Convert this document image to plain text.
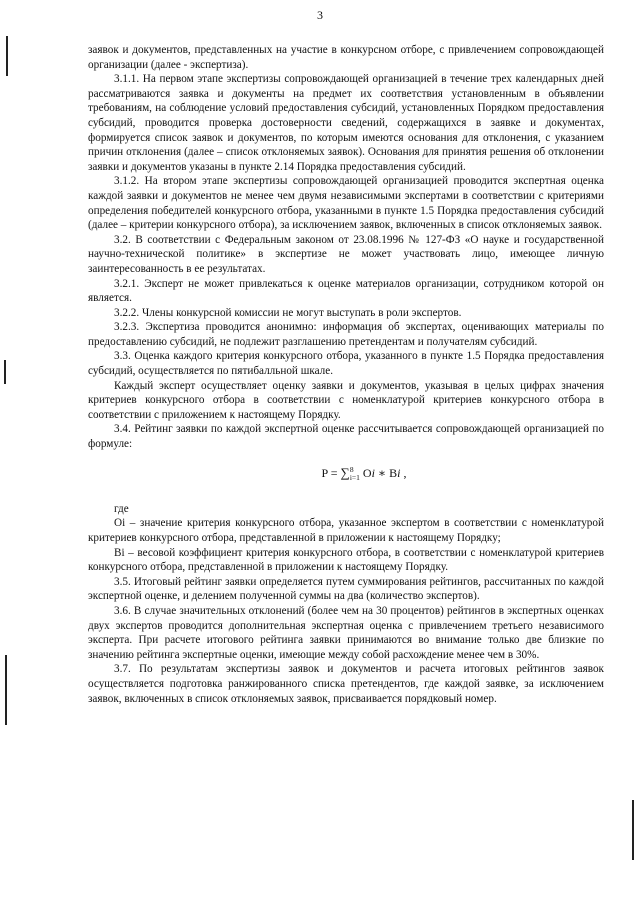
3

заявок и документов, представленных на участие в конкурсном отборе, с привлечением сопровождающей организации (далее - экспертиза).

3.1.1. На первом этапе экспертизы сопровождающей организацией в течение трех календарных дней рассматриваются заявка и документы на предмет их соответствия установленным в объявлении требованиям, на соблюдение условий предоставления субсидий, установленных Порядком предоставления субсидий, проводится проверка достоверности сведений, содержащихся в заявке и документах, формируется список заявок и документов, по которым имеются основания для отклонения, с указанием причин отклонения (далее – список отклоняемых заявок). Основания для принятия решения об отклонении заявки и документов указаны в пункте 2.14 Порядка предоставления субсидий.

3.1.2. На втором этапе экспертизы сопровождающей организацией проводится экспертная оценка каждой заявки и документов не менее чем двумя независимыми экспертами в соответствии с критериями определения победителей конкурсного отбора, указанными в пункте 1.5 Порядка предоставления субсидий (далее – критерии конкурсного отбора), за исключением заявок, включенных в список отклоняемых заявок.

3.2. В соответствии с Федеральным законом от 23.08.1996 № 127-ФЗ «О науке и государственной научно-технической политике» в экспертизе не может участвовать лицо, имеющее личную заинтересованность в ее результатах.

3.2.1. Эксперт не может привлекаться к оценке материалов организации, сотрудником которой он является.

3.2.2. Члены конкурсной комиссии не могут выступать в роли экспертов.

3.2.3. Экспертиза проводится анонимно: информация об экспертах, оценивающих материалы по предоставлению субсидий, не подлежит разглашению претендентам и получателям субсидий.

3.3. Оценка каждого критерия конкурсного отбора, указанного в пункте 1.5 Порядка предоставления субсидий, осуществляется по пятибалльной шкале.

Каждый эксперт осуществляет оценку заявки и документов, указывая в целых цифрах значения критериев конкурсного отбора в соответствии с номенклатурой критериев конкурсного отбора в соответствии с приложением к настоящему Порядку.

3.4. Рейтинг заявки по каждой экспертной оценке рассчитывается сопровождающей организацией по формуле:

P = ∑ 8
i=1 Oi ∗ Bi ,

где

Oi – значение критерия конкурсного отбора, указанное экспертом в соответствии с номенклатурой критериев конкурсного отбора, представленной в приложении к настоящему Порядку;

Bi – весовой коэффициент критерия конкурсного отбора, в соответствии с номенклатурой критериев конкурсного отбора, представленной в приложении к настоящему Порядку.

3.5. Итоговый рейтинг заявки определяется путем суммирования рейтингов, рассчитанных по каждой экспертной оценке, и делением полученной суммы на два (количество экспертов).

3.6. В случае значительных отклонений (более чем на 30 процентов) рейтингов в экспертных оценках двух экспертов проводится дополнительная экспертная оценка с привлечением третьего независимого эксперта. При расчете итогового рейтинга заявки принимаются во внимание только две близкие по значению рейтинга экспертные оценки, имеющие между собой расхождение менее чем в 30%.

3.7. По результатам экспертизы заявок и документов и расчета итоговых рейтингов заявок осуществляется подготовка ранжированного списка претендентов, где каждой заявке, за исключением заявок, включенных в список отклоняемых заявок, присваивается порядковый номер.
